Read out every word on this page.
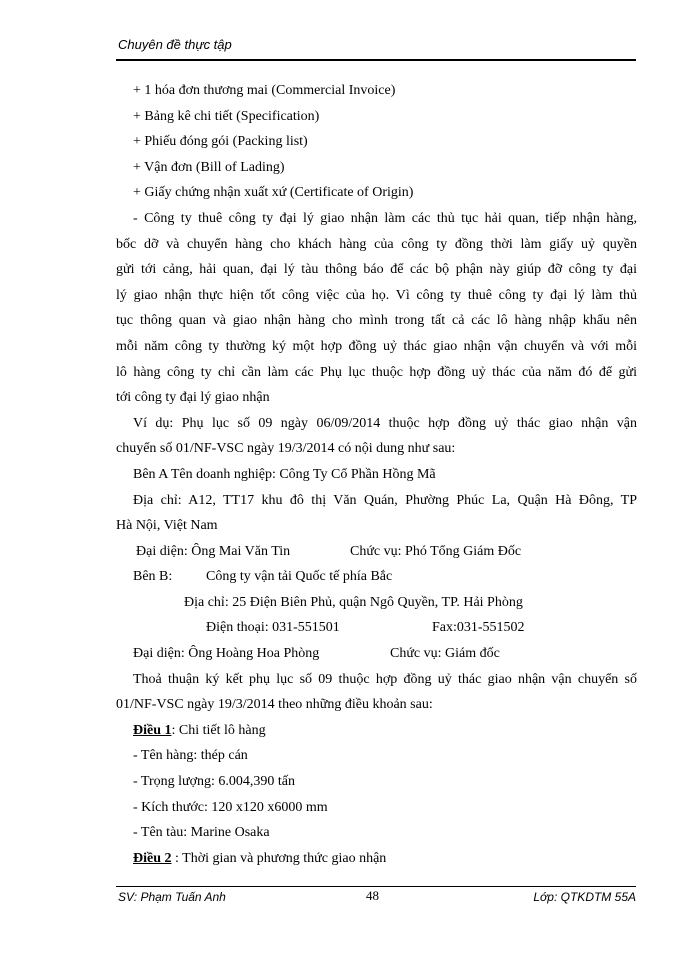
Chuyên đề thực tập
+ 1 hóa đơn thương mai (Commercial Invoice)
+ Bảng kê chi tiết (Specification)
+ Phiếu đóng gói (Packing list)
+ Vận đơn (Bill of Lading)
+ Giấy chứng nhận xuất xứ (Certificate of Origin)
- Công ty thuê công ty đại lý giao nhận làm các thủ tục hải quan, tiếp nhận hàng,
bốc dỡ và chuyển hàng cho khách hàng của công ty đồng thời làm giấy uỷ quyền
gửi tới cảng, hải quan, đại lý tàu thông báo để các bộ phận này giúp đỡ công ty đại
lý giao nhận thực hiện tốt công việc của họ. Vì công ty thuê công ty đại lý làm thủ
tục thông quan và giao nhận hàng cho mình trong tất cả các lô hàng nhập khẩu nên
mỗi năm công ty thường ký một hợp đồng uỷ thác giao nhận vận chuyển và với mỗi
lô hàng công ty chỉ cần làm các Phụ lục thuộc hợp đồng uỷ thác của năm đó để gửi
tới công ty đại lý giao nhận
Ví dụ: Phụ lục số 09 ngày 06/09/2014 thuộc hợp đồng uỷ thác giao nhận vận
chuyển số 01/NF-VSC ngày 19/3/2014 có nội dung như sau:
Bên A Tên doanh nghiệp: Công Ty Cổ Phần Hồng Mã
Địa chỉ: A12, TT17 khu đô thị Văn Quán, Phường Phúc La, Quận Hà Đông, TP
Hà Nội, Việt Nam
Đại diện: Ông Mai Văn Tin	Chức vụ: Phó Tổng Giám Đốc
Bên B: Công ty vận tải Quốc tế phía Bắc
Địa chỉ: 25 Điện Biên Phủ, quận Ngô Quyền, TP. Hải Phòng
Điện thoại: 031-551501	Fax:031-551502
Đại diện: Ông Hoàng Hoa Phòng	Chức vụ: Giám đốc
Thoả thuận ký kết phụ lục số 09 thuộc hợp đồng uỷ thác giao nhận vận chuyển số
01/NF-VSC ngày 19/3/2014 theo những điều khoản sau:
Điều 1: Chi tiết lô hàng
- Tên hàng: thép cán
- Trọng lượng: 6.004,390 tấn
- Kích thước: 120 x120 x6000 mm
- Tên tàu: Marine Osaka
Điều 2 : Thời gian và phương thức giao nhận
SV: Phạm Tuấn Anh	48	Lớp: QTKDTM 55A
